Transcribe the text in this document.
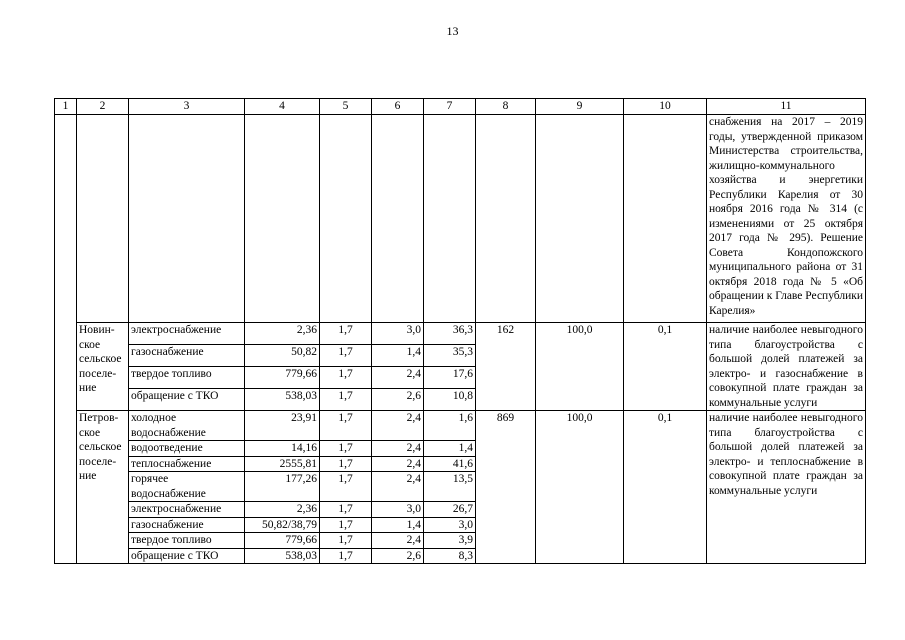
13
1	2	3	4	5	6	7	8	9	10	11
										снабжения на 2017 – 2019 годы, утвержденной приказом Министерства строительства, жилищно-коммунального хозяйства и энергетики Республики Карелия от 30 ноября 2016 года № 314 (с изменениями от 25 октября 2017 года № 295). Решение Совета Кондопожского муниципального района от 31 октября 2018 года № 5 «Об обращении к Главе Республики Карелия»
	Новин-ское сельское поселе-ние	электроснабжение	2,36	1,7	3,0	36,3	162	100,0	0,1	наличие наиболее невыгодного типа благоустройства с большой долей платежей за электро- и газоснабжение в совокупной плате граждан за коммунальные услуги
		газоснабжение	50,82	1,7	1,4	35,3				
		твердое топливо	779,66	1,7	2,4	17,6				
		обращение с ТКО	538,03	1,7	2,6	10,8				
	Петров-ское сельское поселе-ние	холодное водоснабжение	23,91	1,7	2,4	1,6	869	100,0	0,1	наличие наиболее невыгодного типа благоустройства с большой долей платежей за электро- и теплоснабжение в совокупной плате граждан за коммунальные услуги
		водоотведение	14,16	1,7	2,4	1,4				
		теплоснабжение	2555,81	1,7	2,4	41,6				
		горячее водоснабжение	177,26	1,7	2,4	13,5				
		электроснабжение	2,36	1,7	3,0	26,7				
		газоснабжение	50,82/38,79	1,7	1,4	3,0				
		твердое топливо	779,66	1,7	2,4	3,9				
		обращение с ТКО	538,03	1,7	2,6	8,3				
